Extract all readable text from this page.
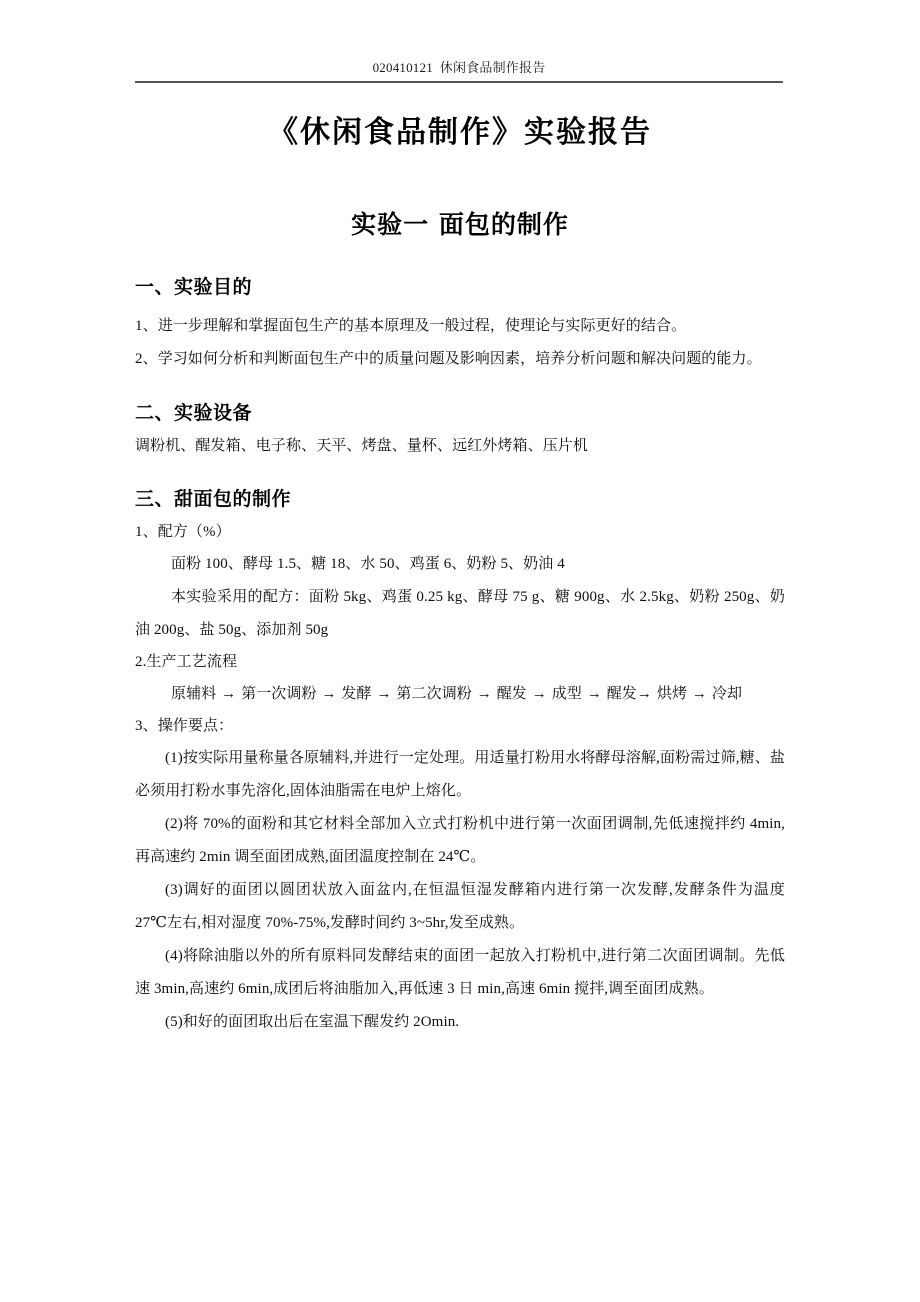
020410121  休闲食品制作报告
《休闲食品制作》实验报告
实验一 面包的制作
一、实验目的

1、进一步理解和掌握面包生产的基本原理及一般过程，使理论与实际更好的结合。

2、学习如何分析和判断面包生产中的质量问题及影响因素，培养分析问题和解决问题的能力。

二、实验设备

调粉机、醒发箱、电子称、天平、烤盘、量杯、远红外烤箱、压片机

三、甜面包的制作

1、配方（%）

面粉 100、酵母 1.5、糖 18、水 50、鸡蛋 6、奶粉 5、奶油 4

本实验采用的配方：面粉 5kg、鸡蛋 0.25 kg、酵母 75 g、糖 900g、水 2.5kg、奶粉 250g、奶油 200g、盐 50g、添加剂 50g

2.生产工艺流程

原辅料 → 第一次调粉 → 发酵 → 第二次调粉 → 醒发 → 成型 → 醒发→ 烘烤 → 冷却

3、操作要点：

(1)按实际用量称量各原辅料,并进行一定处理。用适量打粉用水将酵母溶解,面粉需过筛,糖、盐必须用打粉水事先溶化,固体油脂需在电炉上熔化。

(2)将 70%的面粉和其它材料全部加入立式打粉机中进行第一次面团调制,先低速搅拌约 4min,再高速约 2min 调至面团成熟,面团温度控制在 24℃。

(3)调好的面团以圆团状放入面盆内,在恒温恒湿发酵箱内进行第一次发酵,发酵条件为温度 27℃左右,相对湿度 70%-75%,发酵时间约 3~5hr,发至成熟。

(4)将除油脂以外的所有原料同发酵结束的面团一起放入打粉机中,进行第二次面团调制。先低速 3min,高速约 6min,成团后将油脂加入,再低速 3 日 min,高速 6min 搅拌,调至面团成熟。

(5)和好的面团取出后在室温下醒发约 2Omin.
